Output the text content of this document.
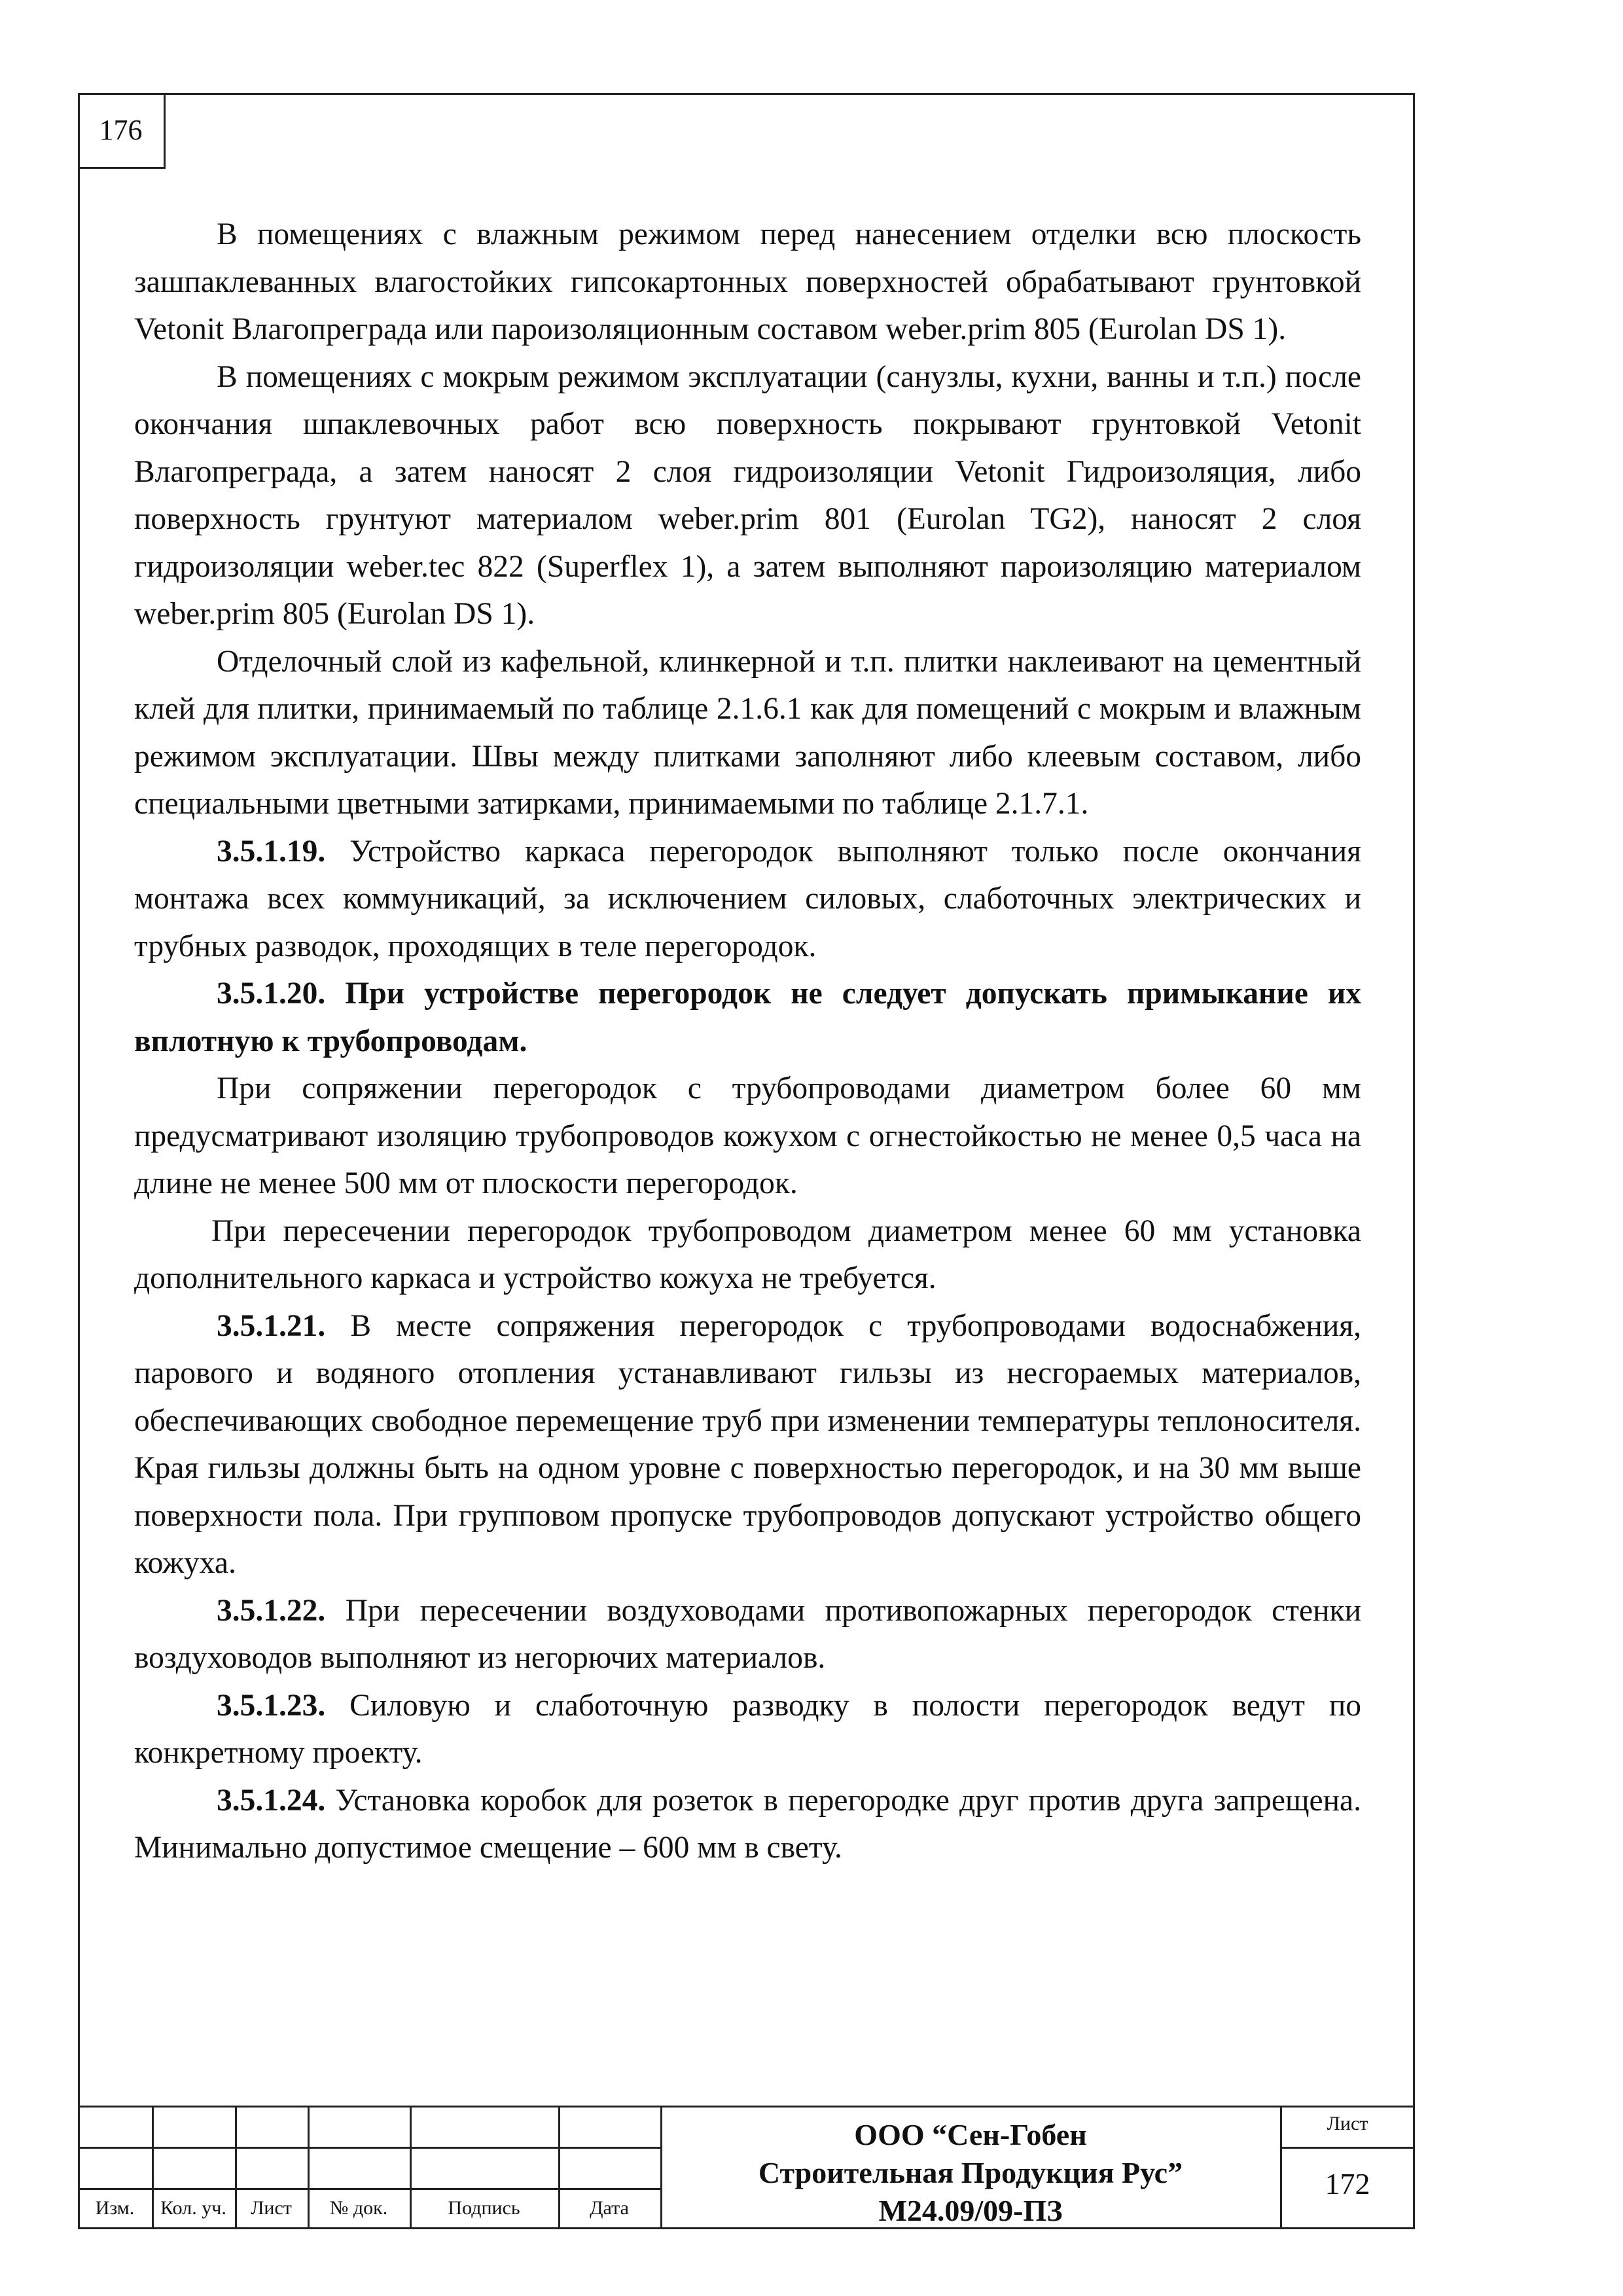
176

В помещениях с влажным режимом перед нанесением отделки всю плоскость зашпаклеванных влагостойких гипсокартонных поверхностей обрабатывают грунтовкой Vetonit Влагопреграда или пароизоляционным составом weber.prim 805 (Eurolan DS 1).

В помещениях с мокрым режимом эксплуатации (санузлы, кухни, ванны и т.п.) после окончания шпаклевочных работ всю поверхность покрывают грунтовкой Vetonit Влагопреграда, а затем наносят 2 слоя гидроизоляции Vetonit Гидроизоляция, либо поверхность грунтуют материалом weber.prim 801 (Eurolan TG2), наносят 2 слоя гидроизоляции weber.tec 822 (Superflex 1), а затем выполняют пароизоляцию материалом weber.prim 805 (Eurolan DS 1).

Отделочный слой из кафельной, клинкерной и т.п. плитки наклеивают на цементный клей для плитки, принимаемый по таблице 2.1.6.1 как для помещений с мокрым и влажным режимом эксплуатации. Швы между плитками заполняют либо клеевым составом, либо специальными цветными затирками, принимаемыми по таблице 2.1.7.1.

3.5.1.19. Устройство каркаса перегородок выполняют только после окончания монтажа всех коммуникаций, за исключением силовых, слаботочных электрических и трубных разводок, проходящих в теле перегородок.

3.5.1.20. При устройстве перегородок не следует допускать примыкание их вплотную к трубопроводам.

При сопряжении перегородок с трубопроводами диаметром более 60 мм предусматривают изоляцию трубопроводов кожухом с огнестойкостью не менее 0,5 часа на длине не менее 500 мм от плоскости перегородок.

При пересечении перегородок трубопроводом диаметром менее 60 мм установка дополнительного каркаса и устройство кожуха не требуется.

3.5.1.21. В месте сопряжения перегородок с трубопроводами водоснабжения, парового и водяного отопления устанавливают гильзы из несгораемых материалов, обеспечивающих свободное перемещение труб при изменении температуры теплоносителя. Края гильзы должны быть на одном уровне с поверхностью перегородок, и на 30 мм выше поверхности пола. При групповом пропуске трубопроводов допускают устройство общего кожуха.

3.5.1.22. При пересечении воздуховодами противопожарных перегородок стенки воздуховодов выполняют из негорючих материалов.

3.5.1.23. Силовую и слаботочную разводку в полости перегородок ведут по конкретному проекту.

3.5.1.24. Установка коробок для розеток в перегородке друг против друга запрещена. Минимально допустимое смещение – 600 мм в свету.

Изм.	Кол. уч.	Лист	№ док.	Подпись	Дата
ООО “Сен-Гобен
Строительная Продукция Рус”
М24.09/09-ПЗ
Лист
172
